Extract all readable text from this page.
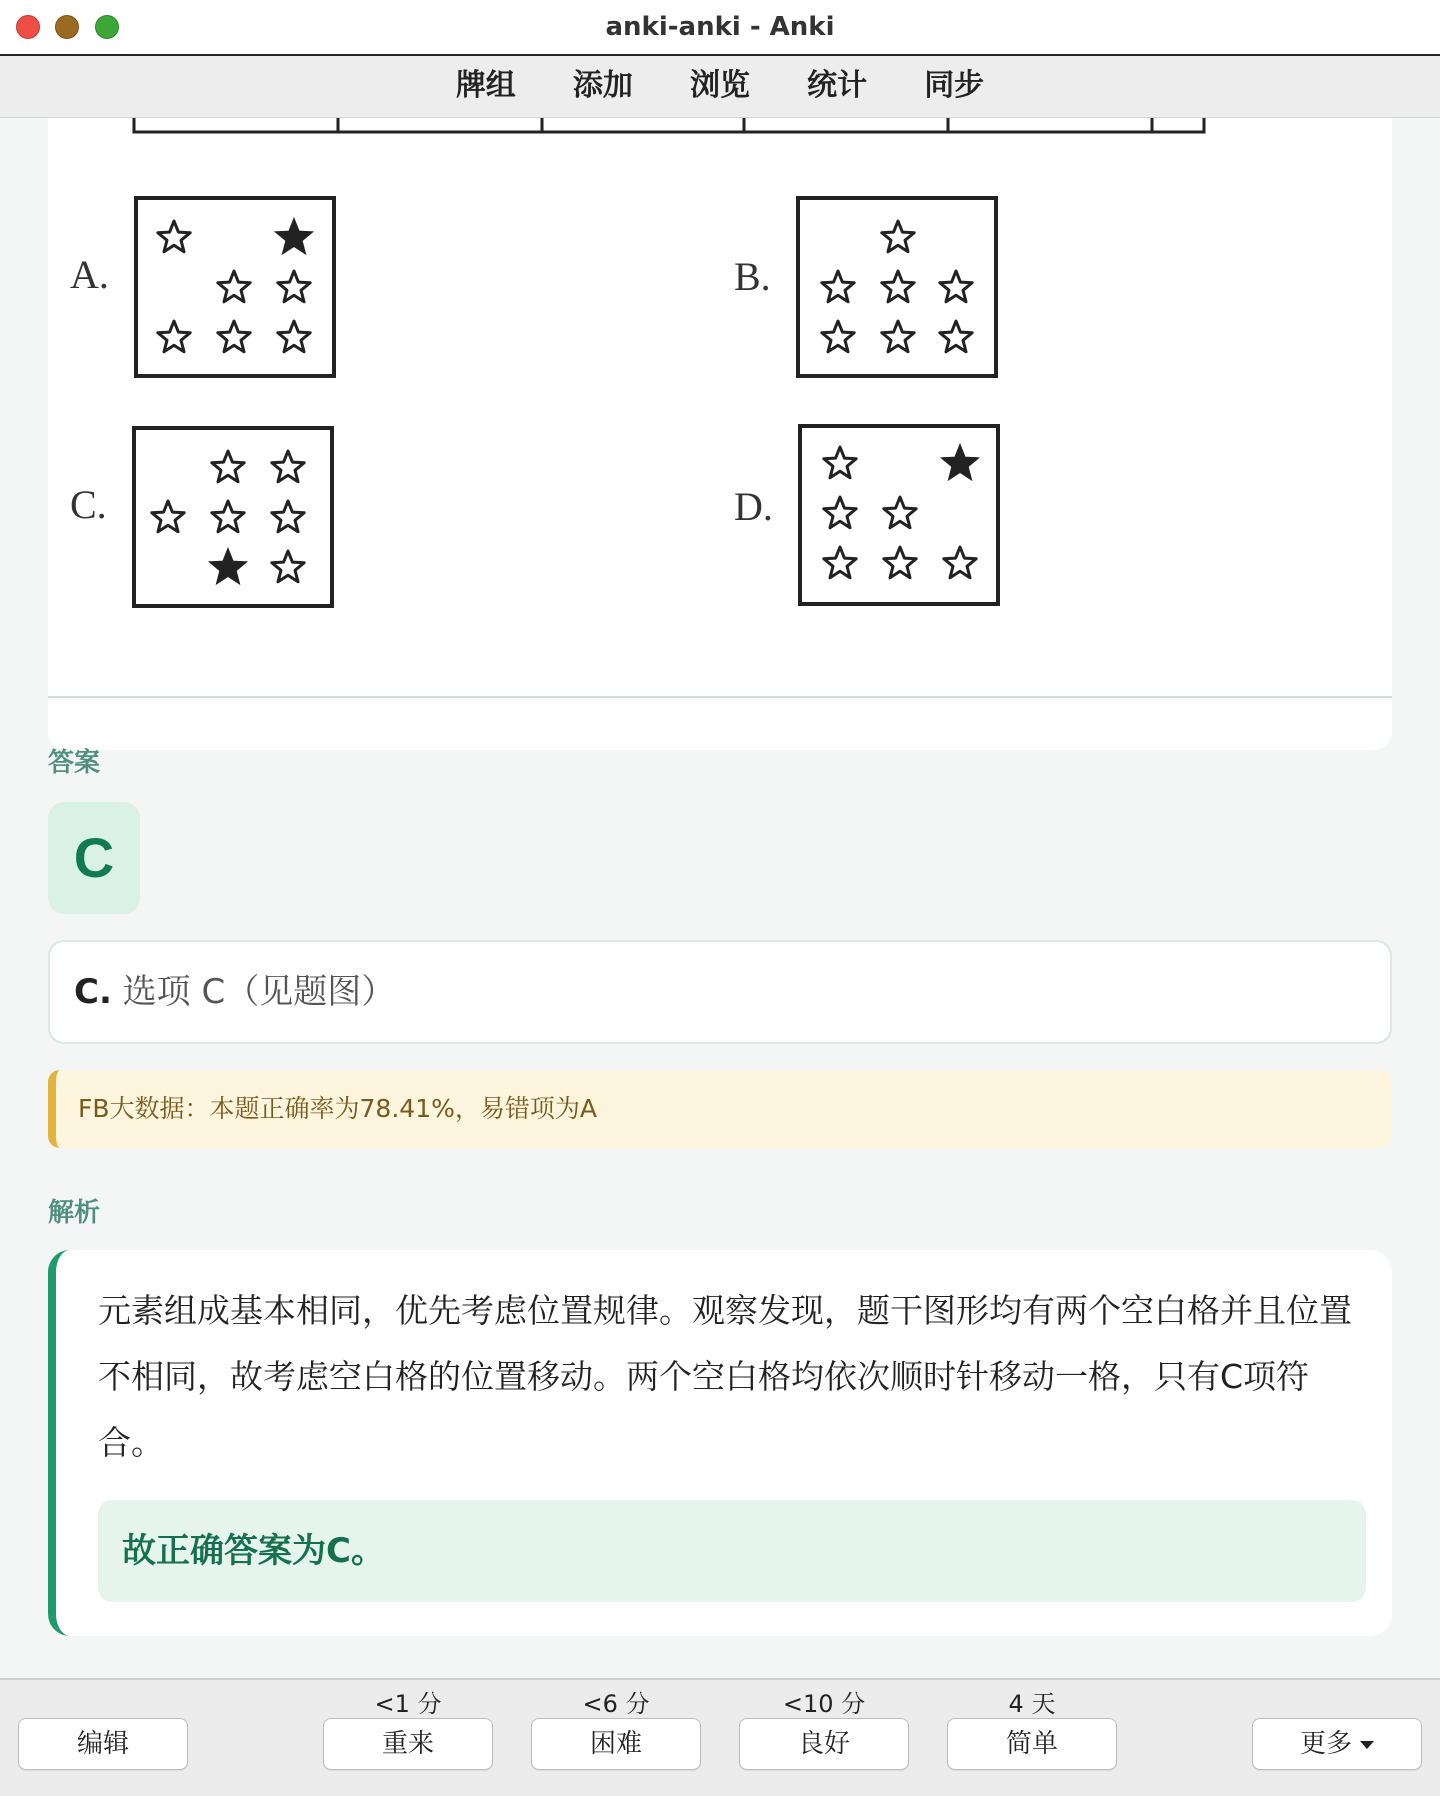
anki-anki - Anki
牌组 添加 浏览 统计 同步
A.	B.
C.	D.
答案
C
C. 选项 C（见题图）
FB大数据：本题正确率为78.41%，易错项为A
解析
元素组成基本相同，优先考虑位置规律。观察发现，题干图形均有两个空白格并且位置不相同，故考虑空白格的位置移动。两个空白格均依次顺时针移动一格，只有C项符合。
故正确答案为C。
编辑
<1 分
重来
<6 分
困难
<10 分
良好
4 天
简单	更多
